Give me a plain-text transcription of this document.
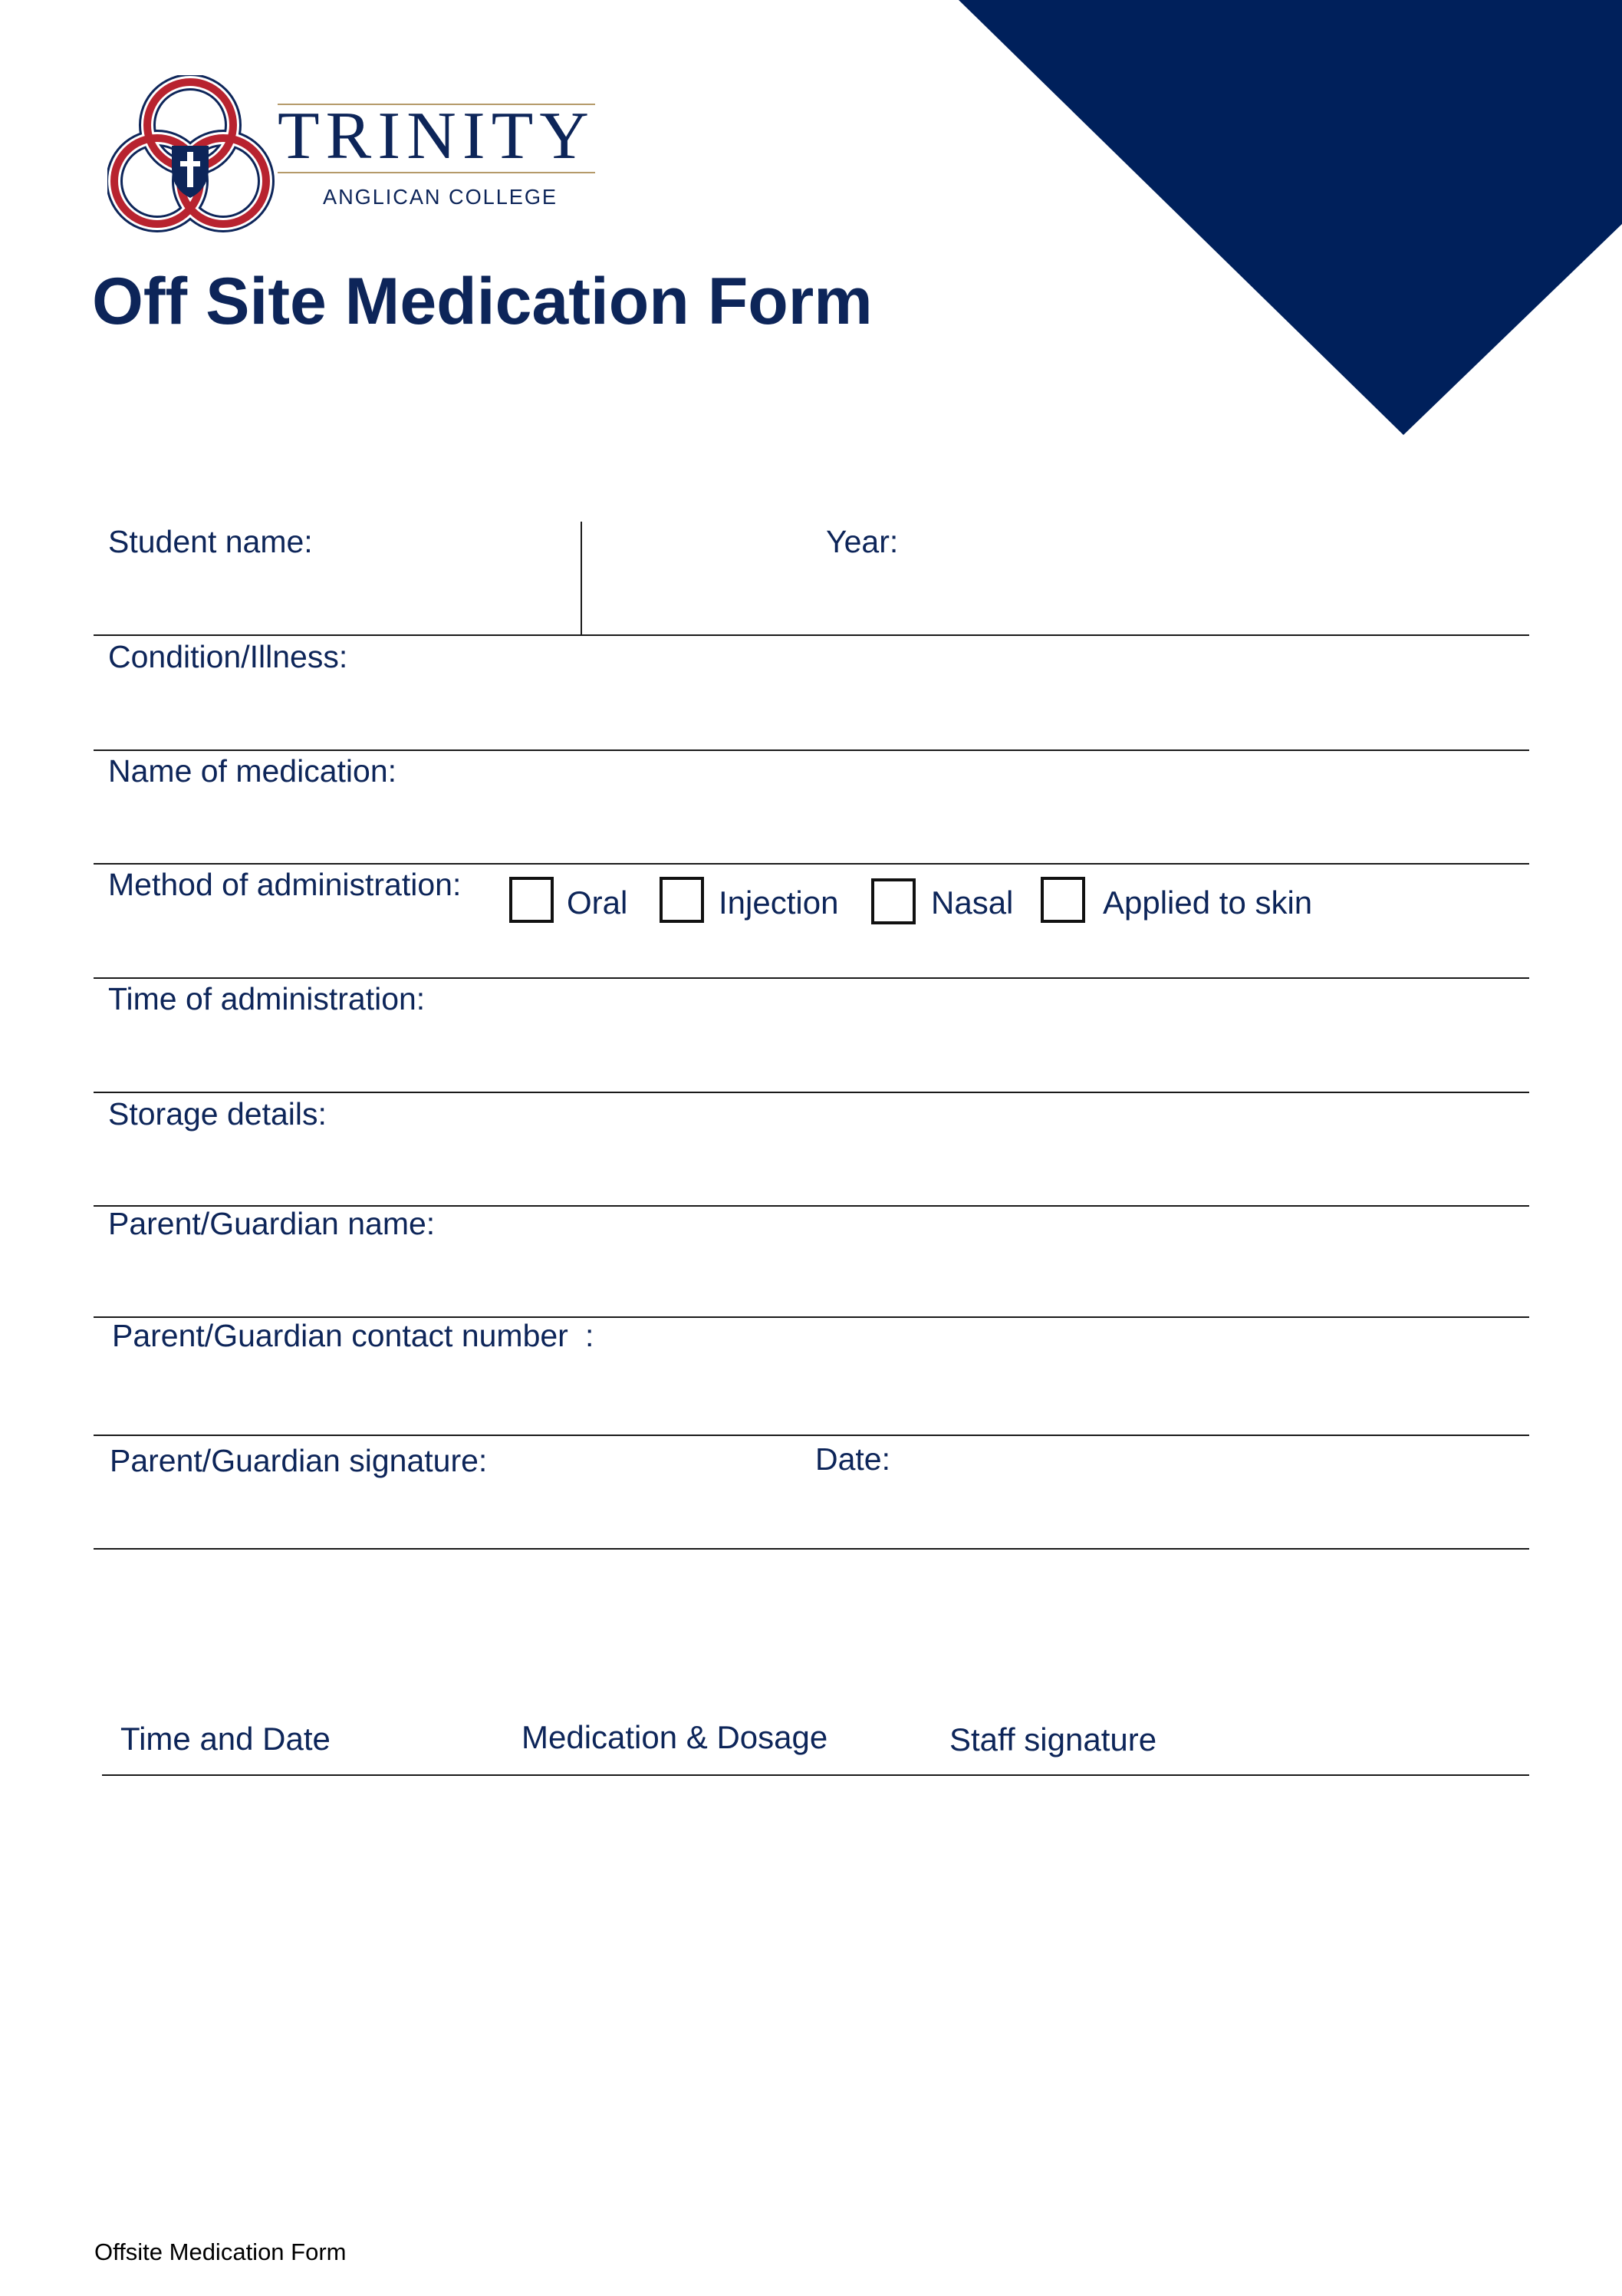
TRINITY
ANGLICAN COLLEGE
Off Site Medication Form
Student name:	Year:
Condition/Illness:
Name of medication:
Method of administration:	Oral	Injection	Nasal	Applied to skin
Time of administration:
Storage details:
Parent/Guardian name:
Parent/Guardian contact number :
Parent/Guardian signature:	Date:
Time and Date	Medication & Dosage	Staff signature
Offsite Medication Form
